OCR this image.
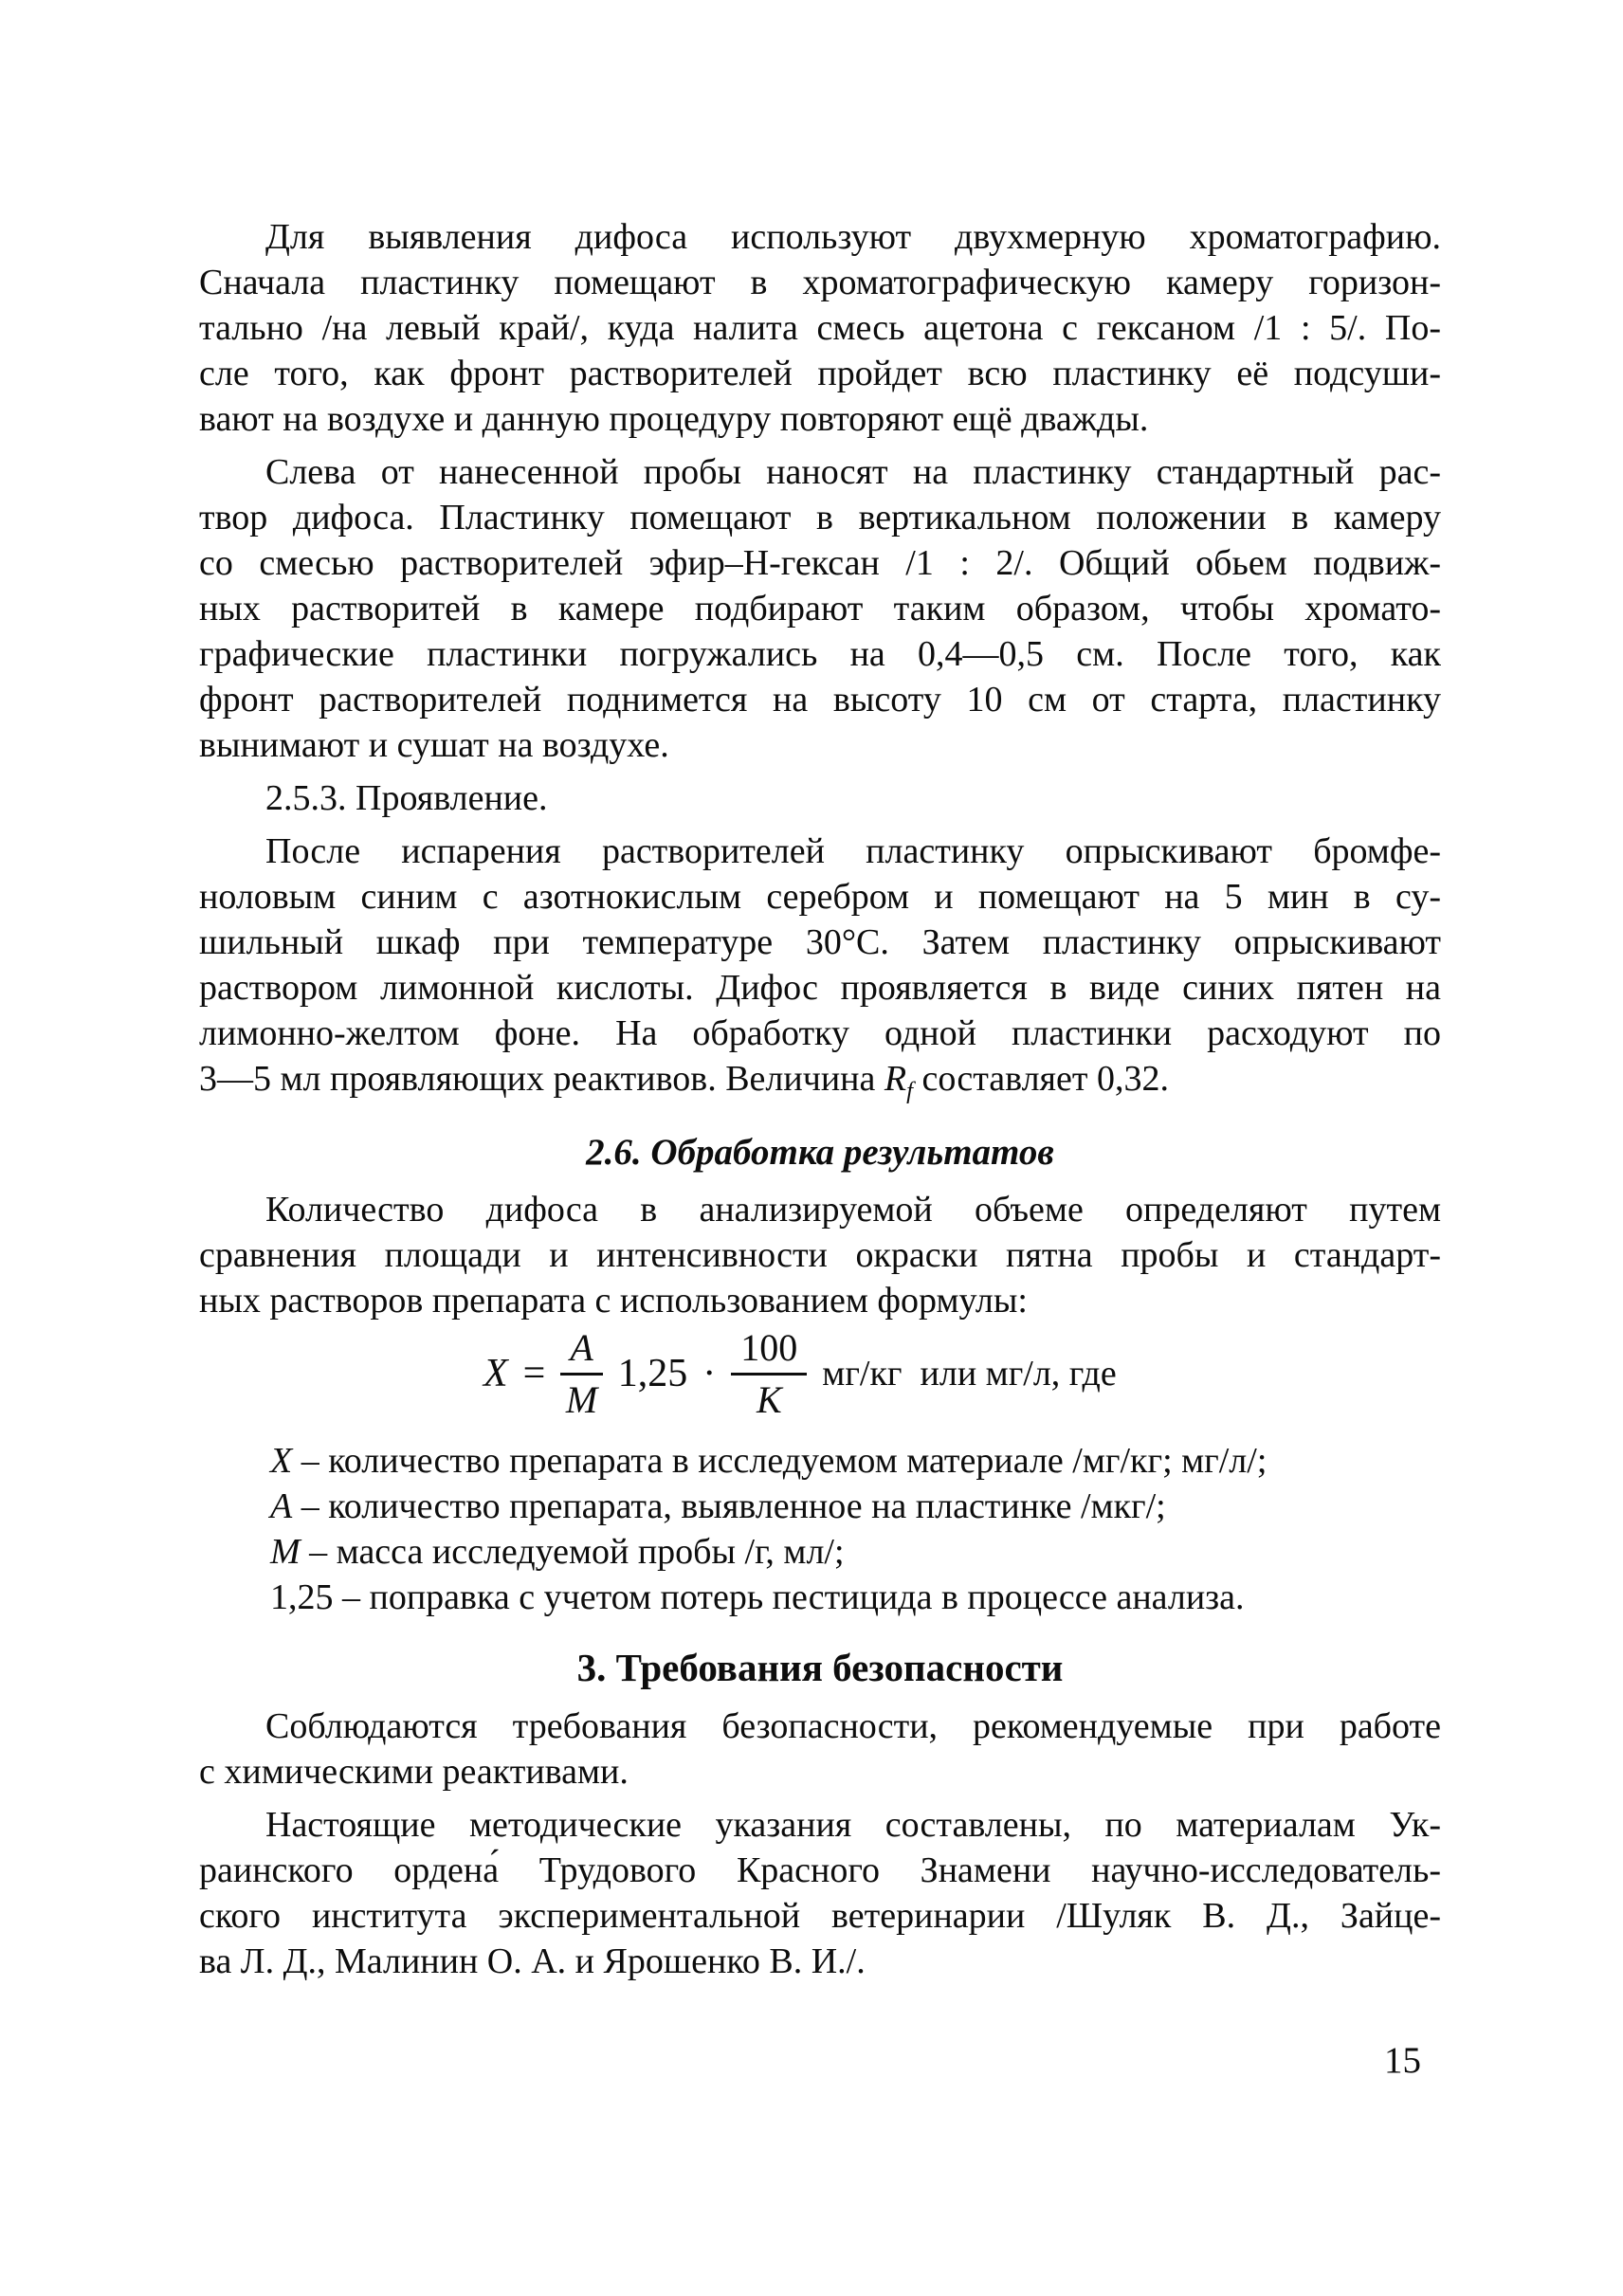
Для выявления дифоса используют двухмерную хроматографию.
Сначала пластинку помещают в хроматографическую камеру горизон-
тально /на левый край/, куда налита смесь ацетона с гексаном /1 : 5/. По-
сле того, как фронт растворителей пройдет всю пластинку её подсуши-
вают на воздухе и данную процедуру повторяют ещё дважды.
Слева от нанесенной пробы наносят на пластинку стандартный рас-
твор дифоса. Пластинку помещают в вертикальном положении в камеру
со смесью растворителей эфир–Н-гексан /1 : 2/. Общий обьем подвиж-
ных растворитей в камере подбирают таким образом, чтобы хромато-
графические пластинки погружались на 0,4—0,5 см. После того, как
фронт растворителей поднимется на высоту 10 см от старта, пластинку
вынимают и сушат на воздухе.
2.5.3. Проявление.
После испарения растворителей пластинку опрыскивают бромфе-
ноловым синим с азотнокислым серебром и помещают на 5 мин в су-
шильный шкаф при температуре 30°С. Затем пластинку опрыскивают
раствором лимонной кислоты. Дифос проявляется в виде синих пятен на
лимонно-желтом фоне. На обработку одной пластинки расходуют по
3—5 мл проявляющих реактивов. Величина $R_f$ составляет 0,32.
2.6. Обработка результатов
Количество дифоса в анализируемой объеме определяют путем
сравнения площади и интенсивности окраски пятна пробы и стандарт-
ных растворов препарата с использованием формулы:
$X = \frac{A}{M} 1,25 \cdot \frac{100}{K} мг/кг$  или мг/л, где
X – количество препарата в исследуемом материале /мг/кг; мг/л/;
A – количество препарата, выявленное на пластинке /мкг/;
M – масса исследуемой пробы /г, мл/;
1,25 – поправка с учетом потерь пестицида в процессе анализа.
3. Требования безопасности
Соблюдаются требования безопасности, рекомендуемые при работе
с химическими реактивами.
Настоящие методические указания составлены, по материалам Ук-
раинского ордена́ Трудового Красного Знамени научно-исследователь-
ского института экспериментальной ветеринарии /Шуляк В. Д., Зайце-
ва Л. Д., Малинин О. А. и Ярошенко В. И./.
15
